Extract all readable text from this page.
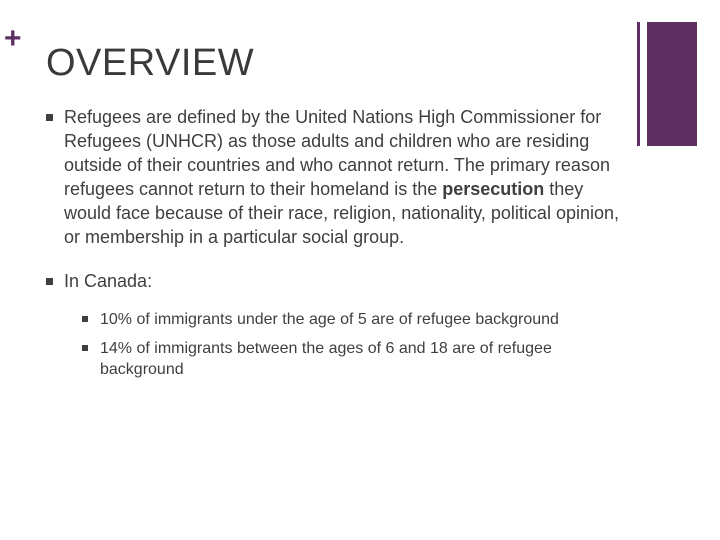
+
OVERVIEW
Refugees are defined by the United Nations High Commissioner for Refugees (UNHCR) as those adults and children who are residing outside of their countries and who cannot return. The primary reason refugees cannot return to their homeland is the persecution they would face because of their race, religion, nationality, political opinion, or membership in a particular social group.
In Canada:
10% of immigrants under the age of 5 are of refugee background
14% of immigrants between the ages of 6 and 18 are of refugee background
